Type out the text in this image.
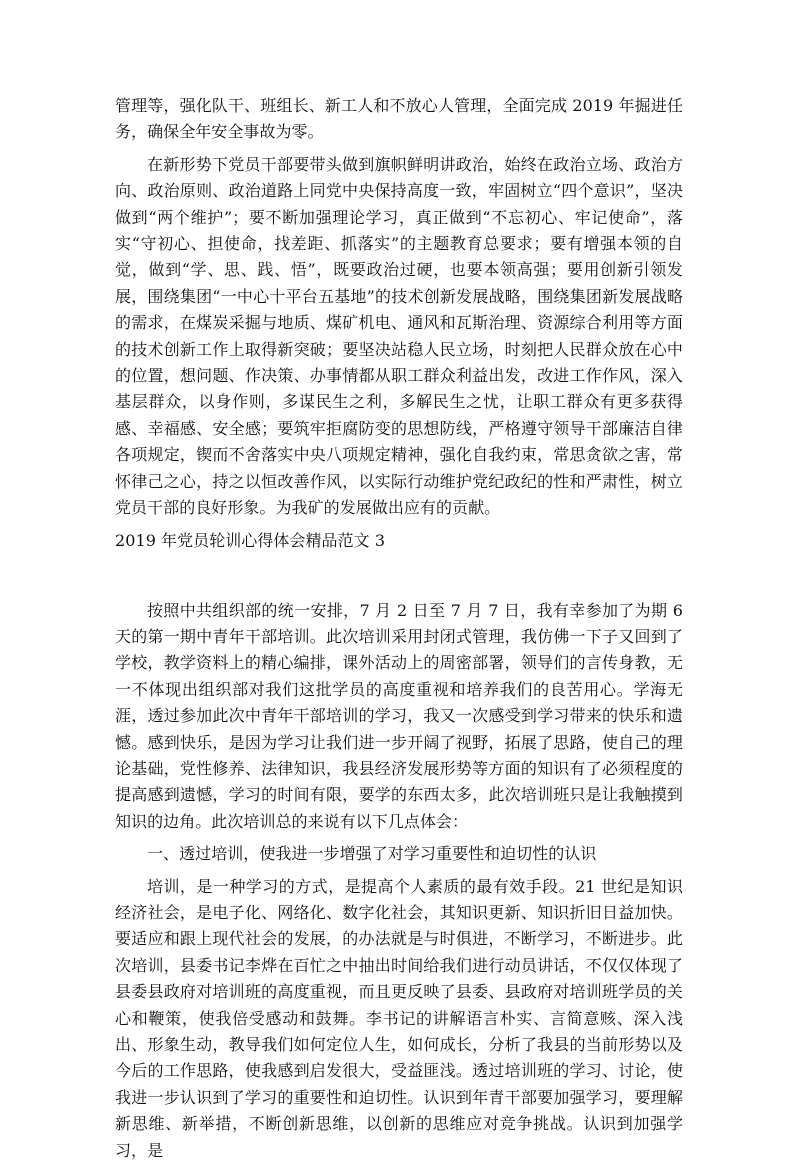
管理等，强化队干、班组长、新工人和不放心人管理，全面完成 2019 年掘进任务，确保全年安全事故为零。

在新形势下党员干部要带头做到旗帜鲜明讲政治，始终在政治立场、政治方向、政治原则、政治道路上同党中央保持高度一致，牢固树立“四个意识”，坚决做到“两个维护”；要不断加强理论学习，真正做到“不忘初心、牢记使命”，落实“守初心、担使命，找差距、抓落实”的主题教育总要求；要有增强本领的自觉，做到“学、思、践、悟”，既要政治过硬，也要本领高强；要用创新引领发展，围绕集团“一中心十平台五基地”的技术创新发展战略，围绕集团新发展战略的需求，在煤炭采掘与地质、煤矿机电、通风和瓦斯治理、资源综合利用等方面的技术创新工作上取得新突破；要坚决站稳人民立场，时刻把人民群众放在心中的位置，想问题、作决策、办事情都从职工群众利益出发，改进工作作风，深入基层群众，以身作则，多谋民生之利，多解民生之忧，让职工群众有更多获得感、幸福感、安全感；要筑牢拒腐防变的思想防线，严格遵守领导干部廉洁自律各项规定，锲而不舍落实中央八项规定精神，强化自我约束，常思贪欲之害，常怀律己之心，持之以恒改善作风，以实际行动维护党纪政纪的性和严肃性，树立党员干部的良好形象。为我矿的发展做出应有的贡献。

2019 年党员轮训心得体会精品范文 3

按照中共组织部的统一安排，7 月 2 日至 7 月 7 日，我有幸参加了为期 6 天的第一期中青年干部培训。此次培训采用封闭式管理，我仿佛一下子又回到了学校，教学资料上的精心编排，课外活动上的周密部署，领导们的言传身教，无一不体现出组织部对我们这批学员的高度重视和培养我们的良苦用心。学海无涯，透过参加此次中青年干部培训的学习，我又一次感受到学习带来的快乐和遗憾。感到快乐，是因为学习让我们进一步开阔了视野，拓展了思路，使自己的理论基础，党性修养、法律知识，我县经济发展形势等方面的知识有了必须程度的提高感到遗憾，学习的时间有限，要学的东西太多，此次培训班只是让我触摸到知识的边角。此次培训总的来说有以下几点体会：

一、透过培训，使我进一步增强了对学习重要性和迫切性的认识

培训，是一种学习的方式，是提高个人素质的最有效手段。21 世纪是知识经济社会，是电子化、网络化、数字化社会，其知识更新、知识折旧日益加快。要适应和跟上现代社会的发展，的办法就是与时俱进，不断学习，不断进步。此次培训，县委书记李烨在百忙之中抽出时间给我们进行动员讲话，不仅仅体现了县委县政府对培训班的高度重视，而且更反映了县委、县政府对培训班学员的关心和鞭策，使我倍受感动和鼓舞。李书记的讲解语言朴实、言简意赅、深入浅出、形象生动，教导我们如何定位人生，如何成长，分析了我县的当前形势以及今后的工作思路，使我感到启发很大，受益匪浅。透过培训班的学习、讨论，使我进一步认识到了学习的重要性和迫切性。认识到年青干部要加强学习，要理解新思维、新举措，不断创新思维，以创新的思维应对竞争挑战。认识到加强学习，是
